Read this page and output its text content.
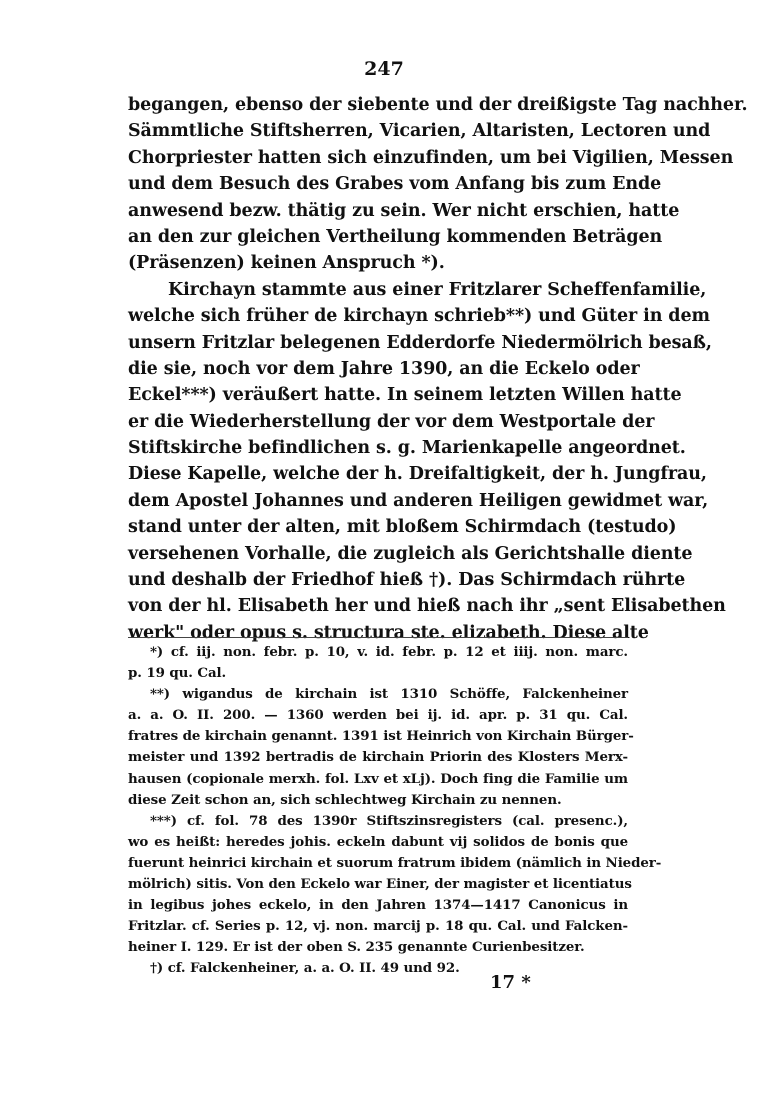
247
begangen, ebenso der siebente und der dreißigste Tag nachher.
Sämmtliche Stiftsherren, Vicarien, Altaristen, Lectoren und
Chorpriester hatten sich einzufinden, um bei Vigilien, Messen
und dem Besuch des Grabes vom Anfang bis zum Ende
anwesend bezw. thätig zu sein. Wer nicht erschien, hatte
an den zur gleichen Vertheilung kommenden Beträgen
(Präsenzen) keinen Anspruch *).
Kirchayn stammte aus einer Fritzlarer Scheffenfamilie,
welche sich früher de kirchayn schrieb**) und Güter in dem
unsern Fritzlar belegenen Edderdorfe Niedermölrich besaß,
die sie, noch vor dem Jahre 1390, an die Eckelo oder
Eckel***) veräußert hatte. In seinem letzten Willen hatte
er die Wiederherstellung der vor dem Westportale der
Stiftskirche befindlichen s. g. Marienkapelle angeordnet.
Diese Kapelle, welche der h. Dreifaltigkeit, der h. Jungfrau,
dem Apostel Johannes und anderen Heiligen gewidmet war,
stand unter der alten, mit bloßem Schirmdach (testudo)
versehenen Vorhalle, die zugleich als Gerichtshalle diente
und deshalb der Friedhof hieß †). Das Schirmdach rührte
von der hl. Elisabeth her und hieß nach ihr „sent Elisabethen
werk" oder opus s. structura ste. elizabeth. Diese alte
*) cf. iij. non. febr. p. 10, v. id. febr. p. 12 et iiij. non. marc.
p. 19 qu. Cal.
**) wigandus de kirchain ist 1310 Schöffe, Falckenheiner
a. a. O. II. 200. — 1360 werden bei ij. id. apr. p. 31 qu. Cal.
fratres de kirchain genannt. 1391 ist Heinrich von Kirchain Bürger-
meister und 1392 bertradis de kirchain Priorin des Klosters Merx-
hausen (copionale merxh. fol. Lxv et xLj). Doch fing die Familie um
diese Zeit schon an, sich schlechtweg Kirchain zu nennen.
***) cf. fol. 78 des 1390r Stiftszinsregisters (cal. presenc.),
wo es heißt: heredes johis. eckeln dabunt vij solidos de bonis que
fuerunt heinrici kirchain et suorum fratrum ibidem (nämlich in Nieder-
mölrich) sitis. Von den Eckelo war Einer, der magister et licentiatus
in legibus johes eckelo, in den Jahren 1374—1417 Canonicus in
Fritzlar. cf. Series p. 12, vj. non. marcij p. 18 qu. Cal. und Falcken-
heiner I. 129. Er ist der oben S. 235 genannte Curienbesitzer.
†) cf. Falckenheiner, a. a. O. II. 49 und 92.
17 *
